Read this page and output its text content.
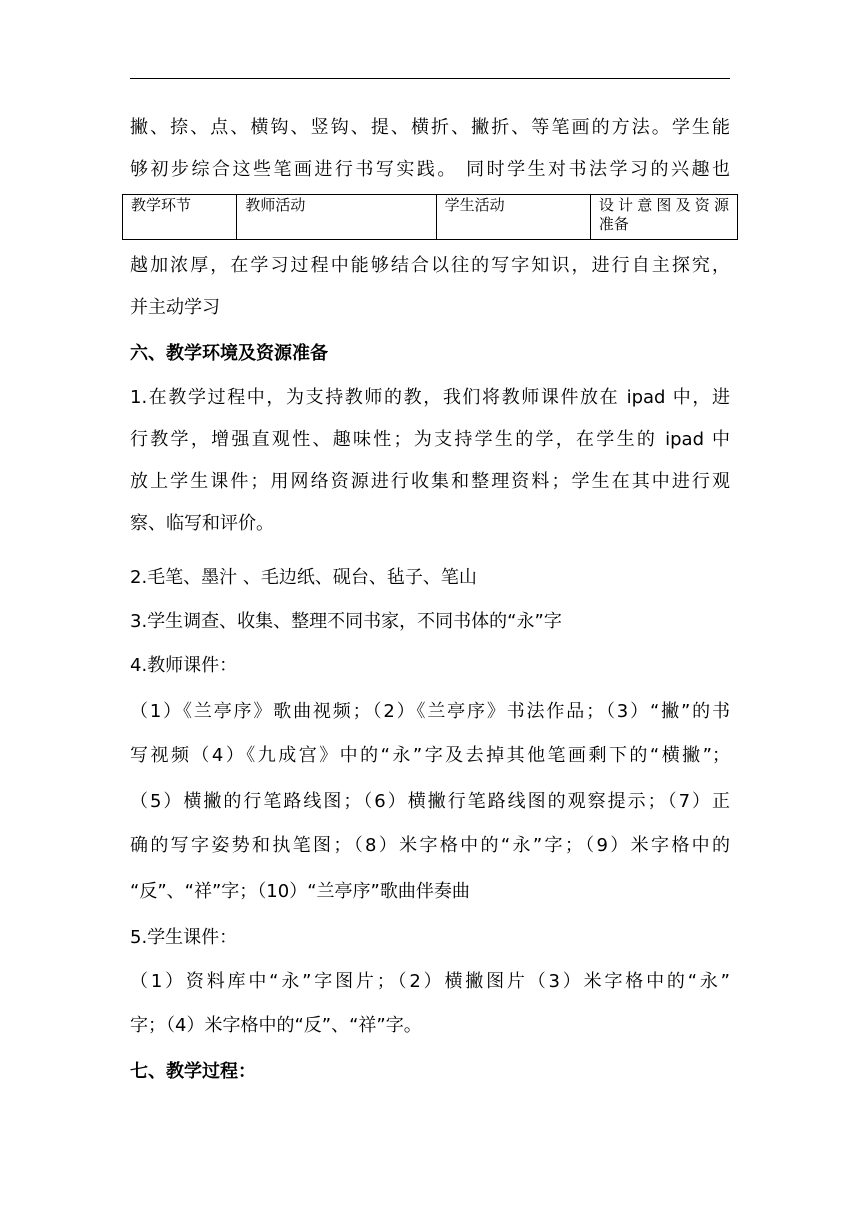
撇、捺、点、横钩、竖钩、提、横折、撇折、等笔画的方法。学生能
够初步综合这些笔画进行书写实践。 同时学生对书法学习的兴趣也
教学环节	教师活动	学生活动	设计意图及资源
准备
越加浓厚，在学习过程中能够结合以往的写字知识，进行自主探究，
并主动学习
六、教学环境及资源准备
1.在教学过程中，为支持教师的教，我们将教师课件放在 ipad 中，进
行教学，增强直观性、趣味性；为支持学生的学，在学生的 ipad 中
放上学生课件；用网络资源进行收集和整理资料；学生在其中进行观
察、临写和评价。
2.毛笔、墨汁 、毛边纸、砚台、毡子、笔山
3.学生调查、收集、整理不同书家，不同书体的“永”字
4.教师课件：
（1）《兰亭序》歌曲视频；（2）《兰亭序》书法作品；（3）“撇”的书
写视频（4）《九成宫》中的“永”字及去掉其他笔画剩下的“横撇”；
（5）横撇的行笔路线图；（6）横撇行笔路线图的观察提示；（7）正
确的写字姿势和执笔图；（8）米字格中的“永”字；（9）米字格中的
“反”、“祥”字；（10）“兰亭序”歌曲伴奏曲
5.学生课件：
（1）资料库中“永”字图片；（2）横撇图片（3）米字格中的“永”
字；（4）米字格中的“反”、“祥”字。
七、教学过程：
